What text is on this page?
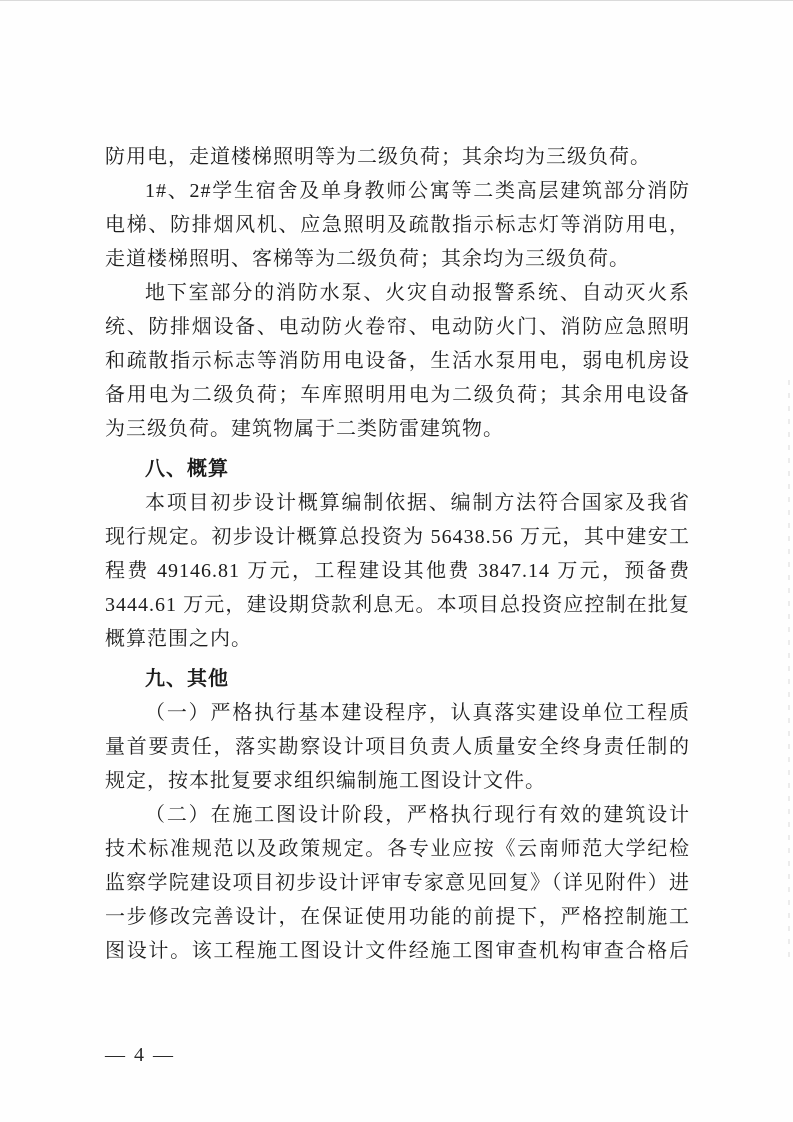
防用电，走道楼梯照明等为二级负荷；其余均为三级负荷。
1#、2#学生宿舍及单身教师公寓等二类高层建筑部分消防
电梯、防排烟风机、应急照明及疏散指示标志灯等消防用电，
走道楼梯照明、客梯等为二级负荷；其余均为三级负荷。
地下室部分的消防水泵、火灾自动报警系统、自动灭火系
统、防排烟设备、电动防火卷帘、电动防火门、消防应急照明
和疏散指示标志等消防用电设备，生活水泵用电，弱电机房设
备用电为二级负荷；车库照明用电为二级负荷；其余用电设备
为三级负荷。建筑物属于二类防雷建筑物。
八、概算
本项目初步设计概算编制依据、编制方法符合国家及我省
现行规定。初步设计概算总投资为 56438.56 万元，其中建安工
程费 49146.81 万元，工程建设其他费 3847.14 万元，预备费
3444.61 万元，建设期贷款利息无。本项目总投资应控制在批复
概算范围之内。
九、其他
（一）严格执行基本建设程序，认真落实建设单位工程质
量首要责任，落实勘察设计项目负责人质量安全终身责任制的
规定，按本批复要求组织编制施工图设计文件。
（二）在施工图设计阶段，严格执行现行有效的建筑设计
技术标准规范以及政策规定。各专业应按《云南师范大学纪检
监察学院建设项目初步设计评审专家意见回复》（详见附件）进
一步修改完善设计，在保证使用功能的前提下，严格控制施工
图设计。该工程施工图设计文件经施工图审查机构审查合格后
— 4 —
